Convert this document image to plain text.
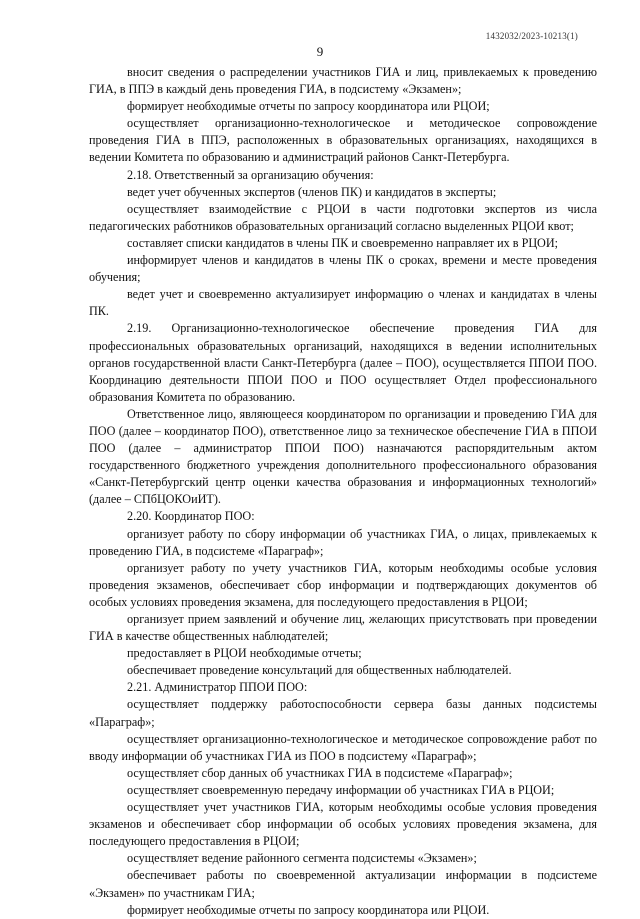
1432032/2023-10213(1)
9

вносит сведения о распределении участников ГИА и лиц, привлекаемых к проведению ГИА, в ППЭ в каждый день проведения ГИА, в подсистему «Экзамен»;

формирует необходимые отчеты по запросу координатора или РЦОИ;

осуществляет организационно-технологическое и методическое сопровождение проведения ГИА в ППЭ, расположенных в образовательных организациях, находящихся в ведении Комитета по образованию и администраций районов Санкт-Петербурга.

2.18. Ответственный за организацию обучения:

ведет учет обученных экспертов (членов ПК) и кандидатов в эксперты;

осуществляет взаимодействие с РЦОИ в части подготовки экспертов из числа педагогических работников образовательных организаций согласно выделенных РЦОИ квот;

составляет списки кандидатов в члены ПК и своевременно направляет их в РЦОИ;

информирует членов и кандидатов в члены ПК о сроках, времени и месте проведения обучения;

ведет учет и своевременно актуализирует информацию о членах и кандидатах в члены ПК.

2.19. Организационно-технологическое обеспечение проведения ГИА для профессиональных образовательных организаций, находящихся в ведении исполнительных органов государственной власти Санкт-Петербурга (далее – ПОО), осуществляется ППОИ ПОО. Координацию деятельности ППОИ ПОО и ПОО осуществляет Отдел профессионального образования Комитета по образованию.

Ответственное лицо, являющееся координатором по организации и проведению ГИА для ПОО (далее – координатор ПОО), ответственное лицо за техническое обеспечение ГИА в ППОИ ПОО (далее – администратор ППОИ ПОО) назначаются распорядительным актом государственного бюджетного учреждения дополнительного профессионального образования «Санкт-Петербургский центр оценки качества образования и информационных технологий» (далее – СПбЦОКОиИТ).

2.20. Координатор ПОО:

организует работу по сбору информации об участниках ГИА, о лицах, привлекаемых к проведению ГИА, в подсистеме «Параграф»;

организует работу по учету участников ГИА, которым необходимы особые условия проведения экзаменов, обеспечивает сбор информации и подтверждающих документов об особых условиях проведения экзамена, для последующего предоставления в РЦОИ;

организует прием заявлений и обучение лиц, желающих присутствовать при проведении ГИА в качестве общественных наблюдателей;

предоставляет в РЦОИ необходимые отчеты;

обеспечивает проведение консультаций для общественных наблюдателей.

2.21. Администратор ППОИ ПОО:

осуществляет поддержку работоспособности сервера базы данных подсистемы «Параграф»;

осуществляет организационно-технологическое и методическое сопровождение работ по вводу информации об участниках ГИА из ПОО в подсистему «Параграф»;

осуществляет сбор данных об участниках ГИА в подсистеме «Параграф»;

осуществляет своевременную передачу информации об участниках ГИА в РЦОИ;

осуществляет учет участников ГИА, которым необходимы особые условия проведения экзаменов и обеспечивает сбор информации об особых условиях проведения экзамена, для последующего предоставления в РЦОИ;

осуществляет ведение районного сегмента подсистемы «Экзамен»;

обеспечивает работы по своевременной актуализации информации в подсистеме «Экзамен» по участникам ГИА;

формирует необходимые отчеты по запросу координатора или РЦОИ.
